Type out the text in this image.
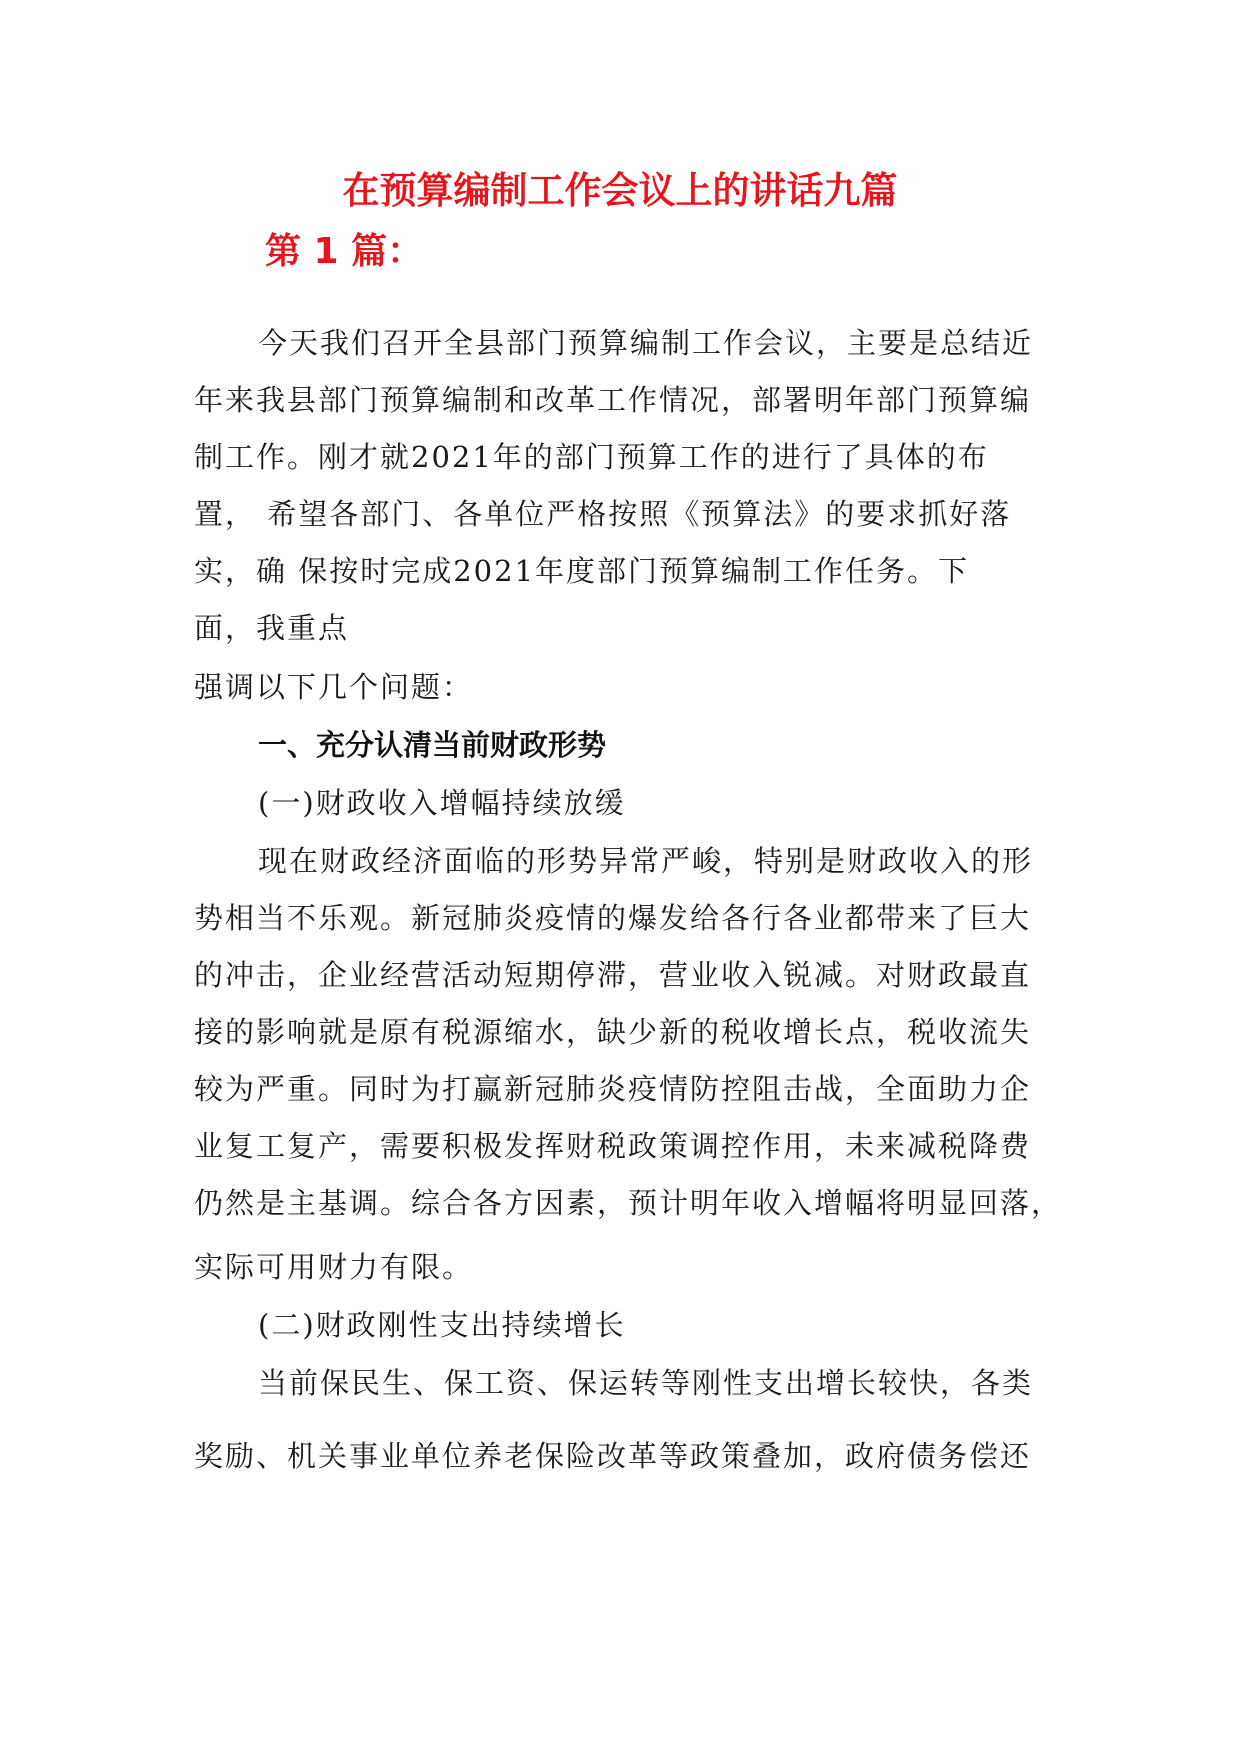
在预算编制工作会议上的讲话九篇
第 1 篇：
今天我们召开全县部门预算编制工作会议，主要是总结近
年来我县部门预算编制和改革工作情况，部署明年部门预算编
制工作。刚才就2021年的部门预算工作的进行了具体的布
置， 希望各部门、各单位严格按照《预算法》的要求抓好落
实，确 保按时完成2021年度部门预算编制工作任务。下
面，我重点
强调以下几个问题：
一、充分认清当前财政形势
(一)财政收入增幅持续放缓
现在财政经济面临的形势异常严峻，特别是财政收入的形
势相当不乐观。新冠肺炎疫情的爆发给各行各业都带来了巨大
的冲击，企业经营活动短期停滞，营业收入锐减。对财政最直
接的影响就是原有税源缩水，缺少新的税收增长点，税收流失
较为严重。同时为打赢新冠肺炎疫情防控阻击战，全面助力企
业复工复产，需要积极发挥财税政策调控作用，未来减税降费
仍然是主基调。综合各方因素，预计明年收入增幅将明显回落，
实际可用财力有限。
(二)财政刚性支出持续增长
当前保民生、保工资、保运转等刚性支出增长较快，各类
奖励、机关事业单位养老保险改革等政策叠加，政府债务偿还
